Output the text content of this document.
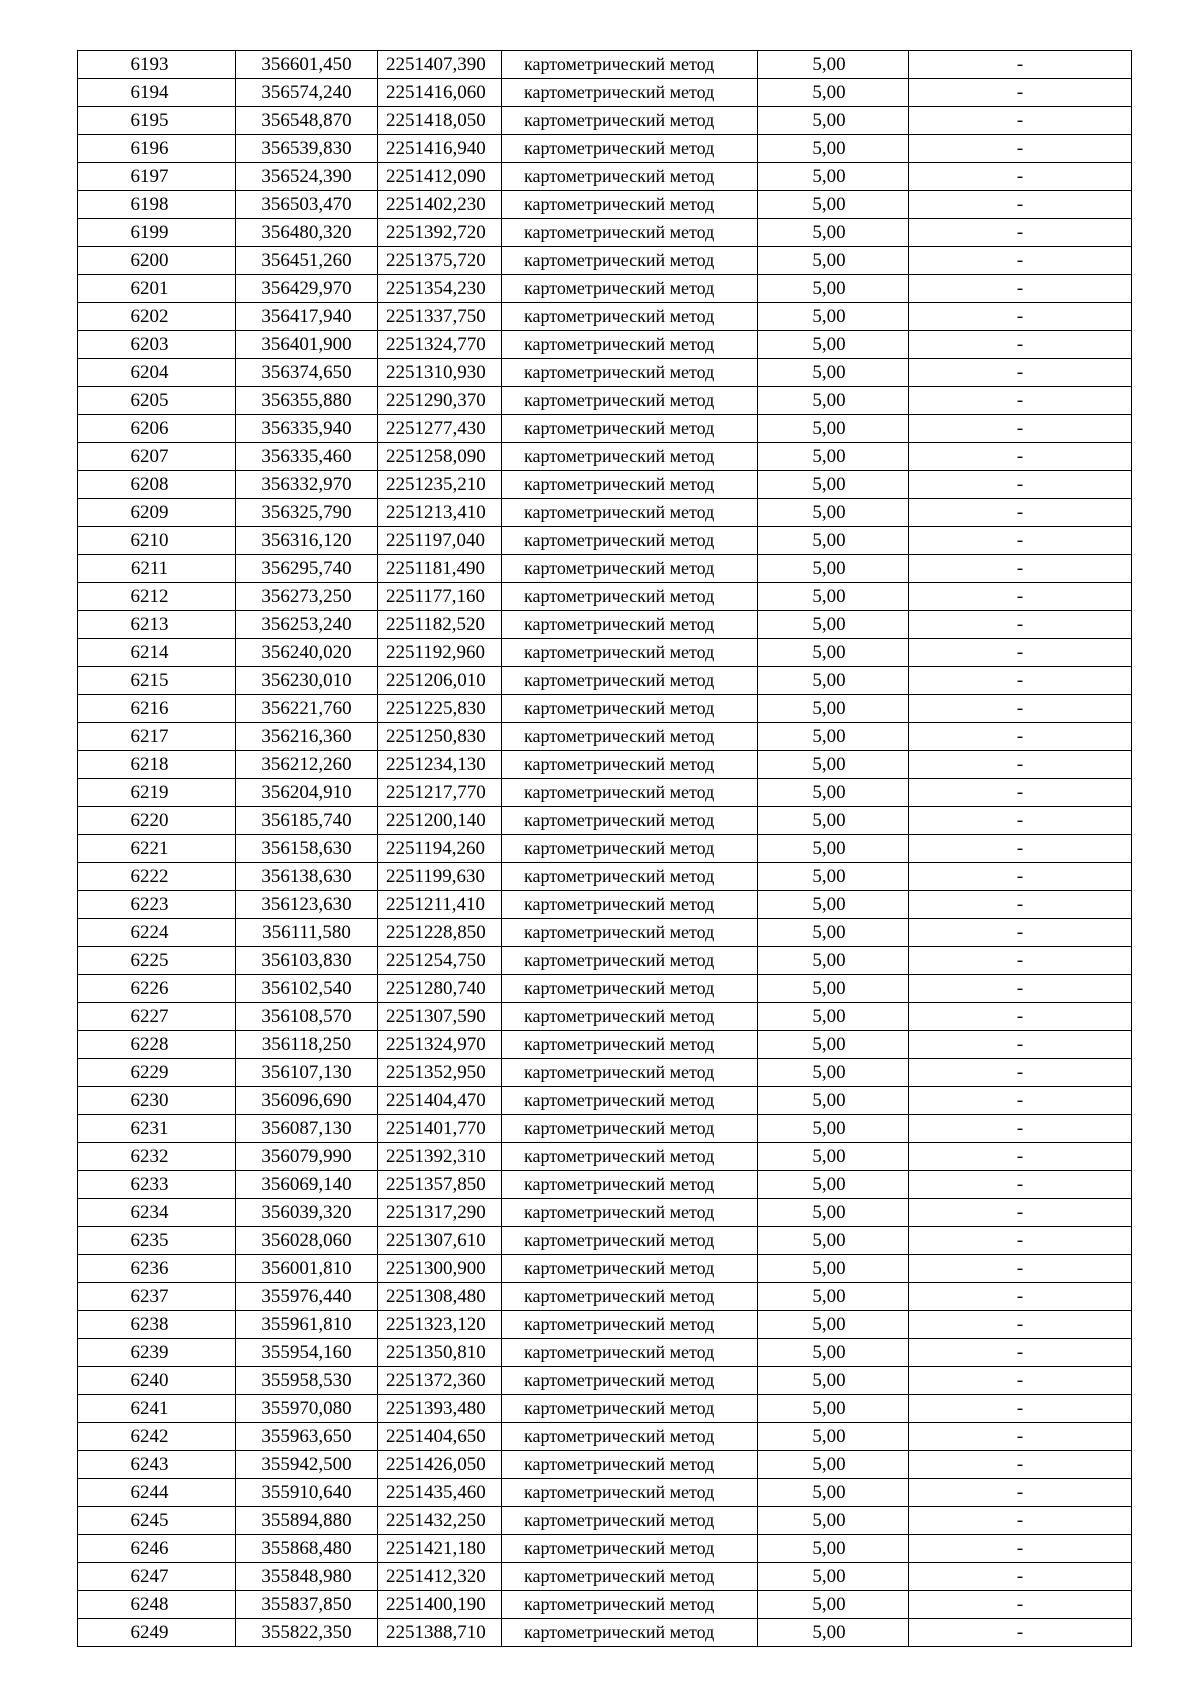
6193	356601,450	2251407,390	картометрический метод	5,00	-
6194	356574,240	2251416,060	картометрический метод	5,00	-
6195	356548,870	2251418,050	картометрический метод	5,00	-
6196	356539,830	2251416,940	картометрический метод	5,00	-
6197	356524,390	2251412,090	картометрический метод	5,00	-
6198	356503,470	2251402,230	картометрический метод	5,00	-
6199	356480,320	2251392,720	картометрический метод	5,00	-
6200	356451,260	2251375,720	картометрический метод	5,00	-
6201	356429,970	2251354,230	картометрический метод	5,00	-
6202	356417,940	2251337,750	картометрический метод	5,00	-
6203	356401,900	2251324,770	картометрический метод	5,00	-
6204	356374,650	2251310,930	картометрический метод	5,00	-
6205	356355,880	2251290,370	картометрический метод	5,00	-
6206	356335,940	2251277,430	картометрический метод	5,00	-
6207	356335,460	2251258,090	картометрический метод	5,00	-
6208	356332,970	2251235,210	картометрический метод	5,00	-
6209	356325,790	2251213,410	картометрический метод	5,00	-
6210	356316,120	2251197,040	картометрический метод	5,00	-
6211	356295,740	2251181,490	картометрический метод	5,00	-
6212	356273,250	2251177,160	картометрический метод	5,00	-
6213	356253,240	2251182,520	картометрический метод	5,00	-
6214	356240,020	2251192,960	картометрический метод	5,00	-
6215	356230,010	2251206,010	картометрический метод	5,00	-
6216	356221,760	2251225,830	картометрический метод	5,00	-
6217	356216,360	2251250,830	картометрический метод	5,00	-
6218	356212,260	2251234,130	картометрический метод	5,00	-
6219	356204,910	2251217,770	картометрический метод	5,00	-
6220	356185,740	2251200,140	картометрический метод	5,00	-
6221	356158,630	2251194,260	картометрический метод	5,00	-
6222	356138,630	2251199,630	картометрический метод	5,00	-
6223	356123,630	2251211,410	картометрический метод	5,00	-
6224	356111,580	2251228,850	картометрический метод	5,00	-
6225	356103,830	2251254,750	картометрический метод	5,00	-
6226	356102,540	2251280,740	картометрический метод	5,00	-
6227	356108,570	2251307,590	картометрический метод	5,00	-
6228	356118,250	2251324,970	картометрический метод	5,00	-
6229	356107,130	2251352,950	картометрический метод	5,00	-
6230	356096,690	2251404,470	картометрический метод	5,00	-
6231	356087,130	2251401,770	картометрический метод	5,00	-
6232	356079,990	2251392,310	картометрический метод	5,00	-
6233	356069,140	2251357,850	картометрический метод	5,00	-
6234	356039,320	2251317,290	картометрический метод	5,00	-
6235	356028,060	2251307,610	картометрический метод	5,00	-
6236	356001,810	2251300,900	картометрический метод	5,00	-
6237	355976,440	2251308,480	картометрический метод	5,00	-
6238	355961,810	2251323,120	картометрический метод	5,00	-
6239	355954,160	2251350,810	картометрический метод	5,00	-
6240	355958,530	2251372,360	картометрический метод	5,00	-
6241	355970,080	2251393,480	картометрический метод	5,00	-
6242	355963,650	2251404,650	картометрический метод	5,00	-
6243	355942,500	2251426,050	картометрический метод	5,00	-
6244	355910,640	2251435,460	картометрический метод	5,00	-
6245	355894,880	2251432,250	картометрический метод	5,00	-
6246	355868,480	2251421,180	картометрический метод	5,00	-
6247	355848,980	2251412,320	картометрический метод	5,00	-
6248	355837,850	2251400,190	картометрический метод	5,00	-
6249	355822,350	2251388,710	картометрический метод	5,00	-
